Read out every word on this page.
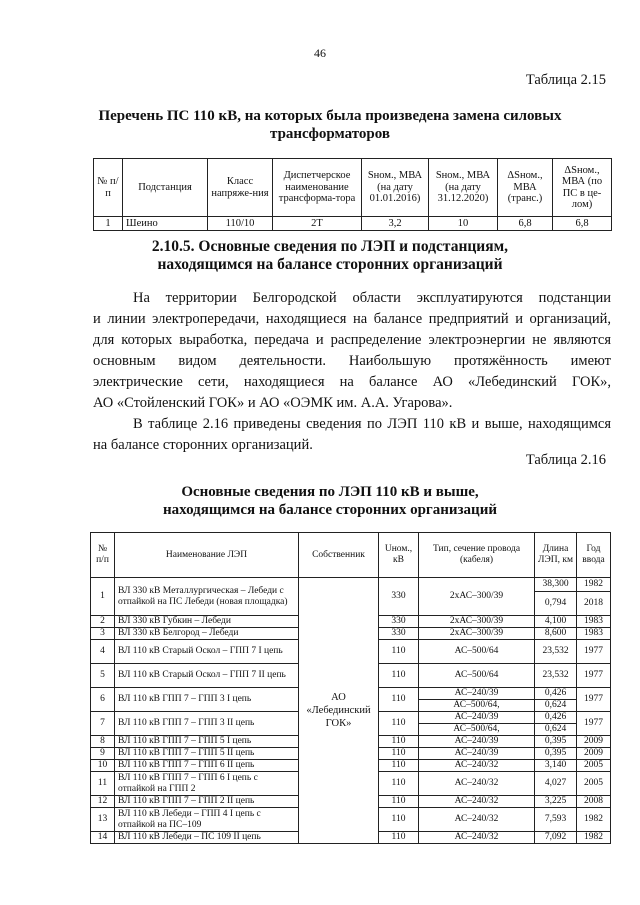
46
Таблица 2.15
Перечень ПС 110 кВ, на которых была произведена замена силовых
трансформаторов
№ п/п	Подстанция	Класс напряже-ния	Диспетчерское наименование трансформа-тора	Sном., МВА (на дату 01.01.2016)	Sном., МВА (на дату 31.12.2020)	ΔSном., МВА (транс.)	ΔSном., МВА (по ПС в це-лом)
1	Шеино	110/10	2Т	3,2	10	6,8	6,8
2.10.5. Основные сведения по ЛЭП и подстанциям,
находящимся на балансе сторонних организаций
На территории Белгородской области эксплуатируются подстанции
и линии электропередачи, находящиеся на балансе предприятий и организаций,
для которых выработка, передача и распределение электроэнергии не являются
основным видом деятельности. Наибольшую протяжённость имеют
электрические сети, находящиеся на балансе АО «Лебединский ГОК»,
АО «Стойленский ГОК» и АО «ОЭМК им. А.А. Угарова».
В таблице 2.16 приведены сведения по ЛЭП 110 кВ и выше, находящимся
на балансе сторонних организаций.
Таблица 2.16
Основные сведения по ЛЭП 110 кВ и выше,
находящимся на балансе сторонних организаций
№ п/п	Наименование ЛЭП	Собственник	Uном., кВ	Тип, сечение провода (кабеля)	Длина ЛЭП, км	Год ввода
1	ВЛ 330 кВ Металлургическая – Лебеди с отпайкой на ПС Лебеди (новая площадка)	АО
«Лебединский
ГОК»	330	2хАС–300/39	38,300	1982
					0,794	2018
2	ВЛ 330 кВ Губкин – Лебеди		330	2хАС–300/39	4,100	1983
3	ВЛ 330 кВ Белгород – Лебеди		330	2хАС–300/39	8,600	1983
4	ВЛ 110 кВ Старый Оскол – ГПП 7 I цепь		110	АС–500/64	23,532	1977
5	ВЛ 110 кВ Старый Оскол – ГПП 7 II цепь		110	АС–500/64	23,532	1977
6	ВЛ 110 кВ ГПП 7 – ГПП 3 I цепь		110	АС–240/39	0,426	1977
				АС–500/64,	0,624	
7	ВЛ 110 кВ ГПП 7 – ГПП 3 II цепь		110	АС–240/39	0,426	1977
				АС–500/64,	0,624	
8	ВЛ 110 кВ ГПП 7 – ГПП 5 I цепь		110	АС–240/39	0,395	2009
9	ВЛ 110 кВ ГПП 7 – ГПП 5 II цепь		110	АС–240/39	0,395	2009
10	ВЛ 110 кВ ГПП 7 – ГПП 6 II цепь		110	АС–240/32	3,140	2005
11	ВЛ 110 кВ ГПП 7 – ГПП 6 I цепь с отпайкой на ГПП 2		110	АС–240/32	4,027	2005
12	ВЛ 110 кВ ГПП 7 – ГПП 2 II цепь		110	АС–240/32	3,225	2008
13	ВЛ 110 кВ Лебеди – ГПП 4 I цепь с отпайкой на ПС–109		110	АС–240/32	7,593	1982
14	ВЛ 110 кВ Лебеди – ПС 109 II цепь		110	АС–240/32	7,092	1982
